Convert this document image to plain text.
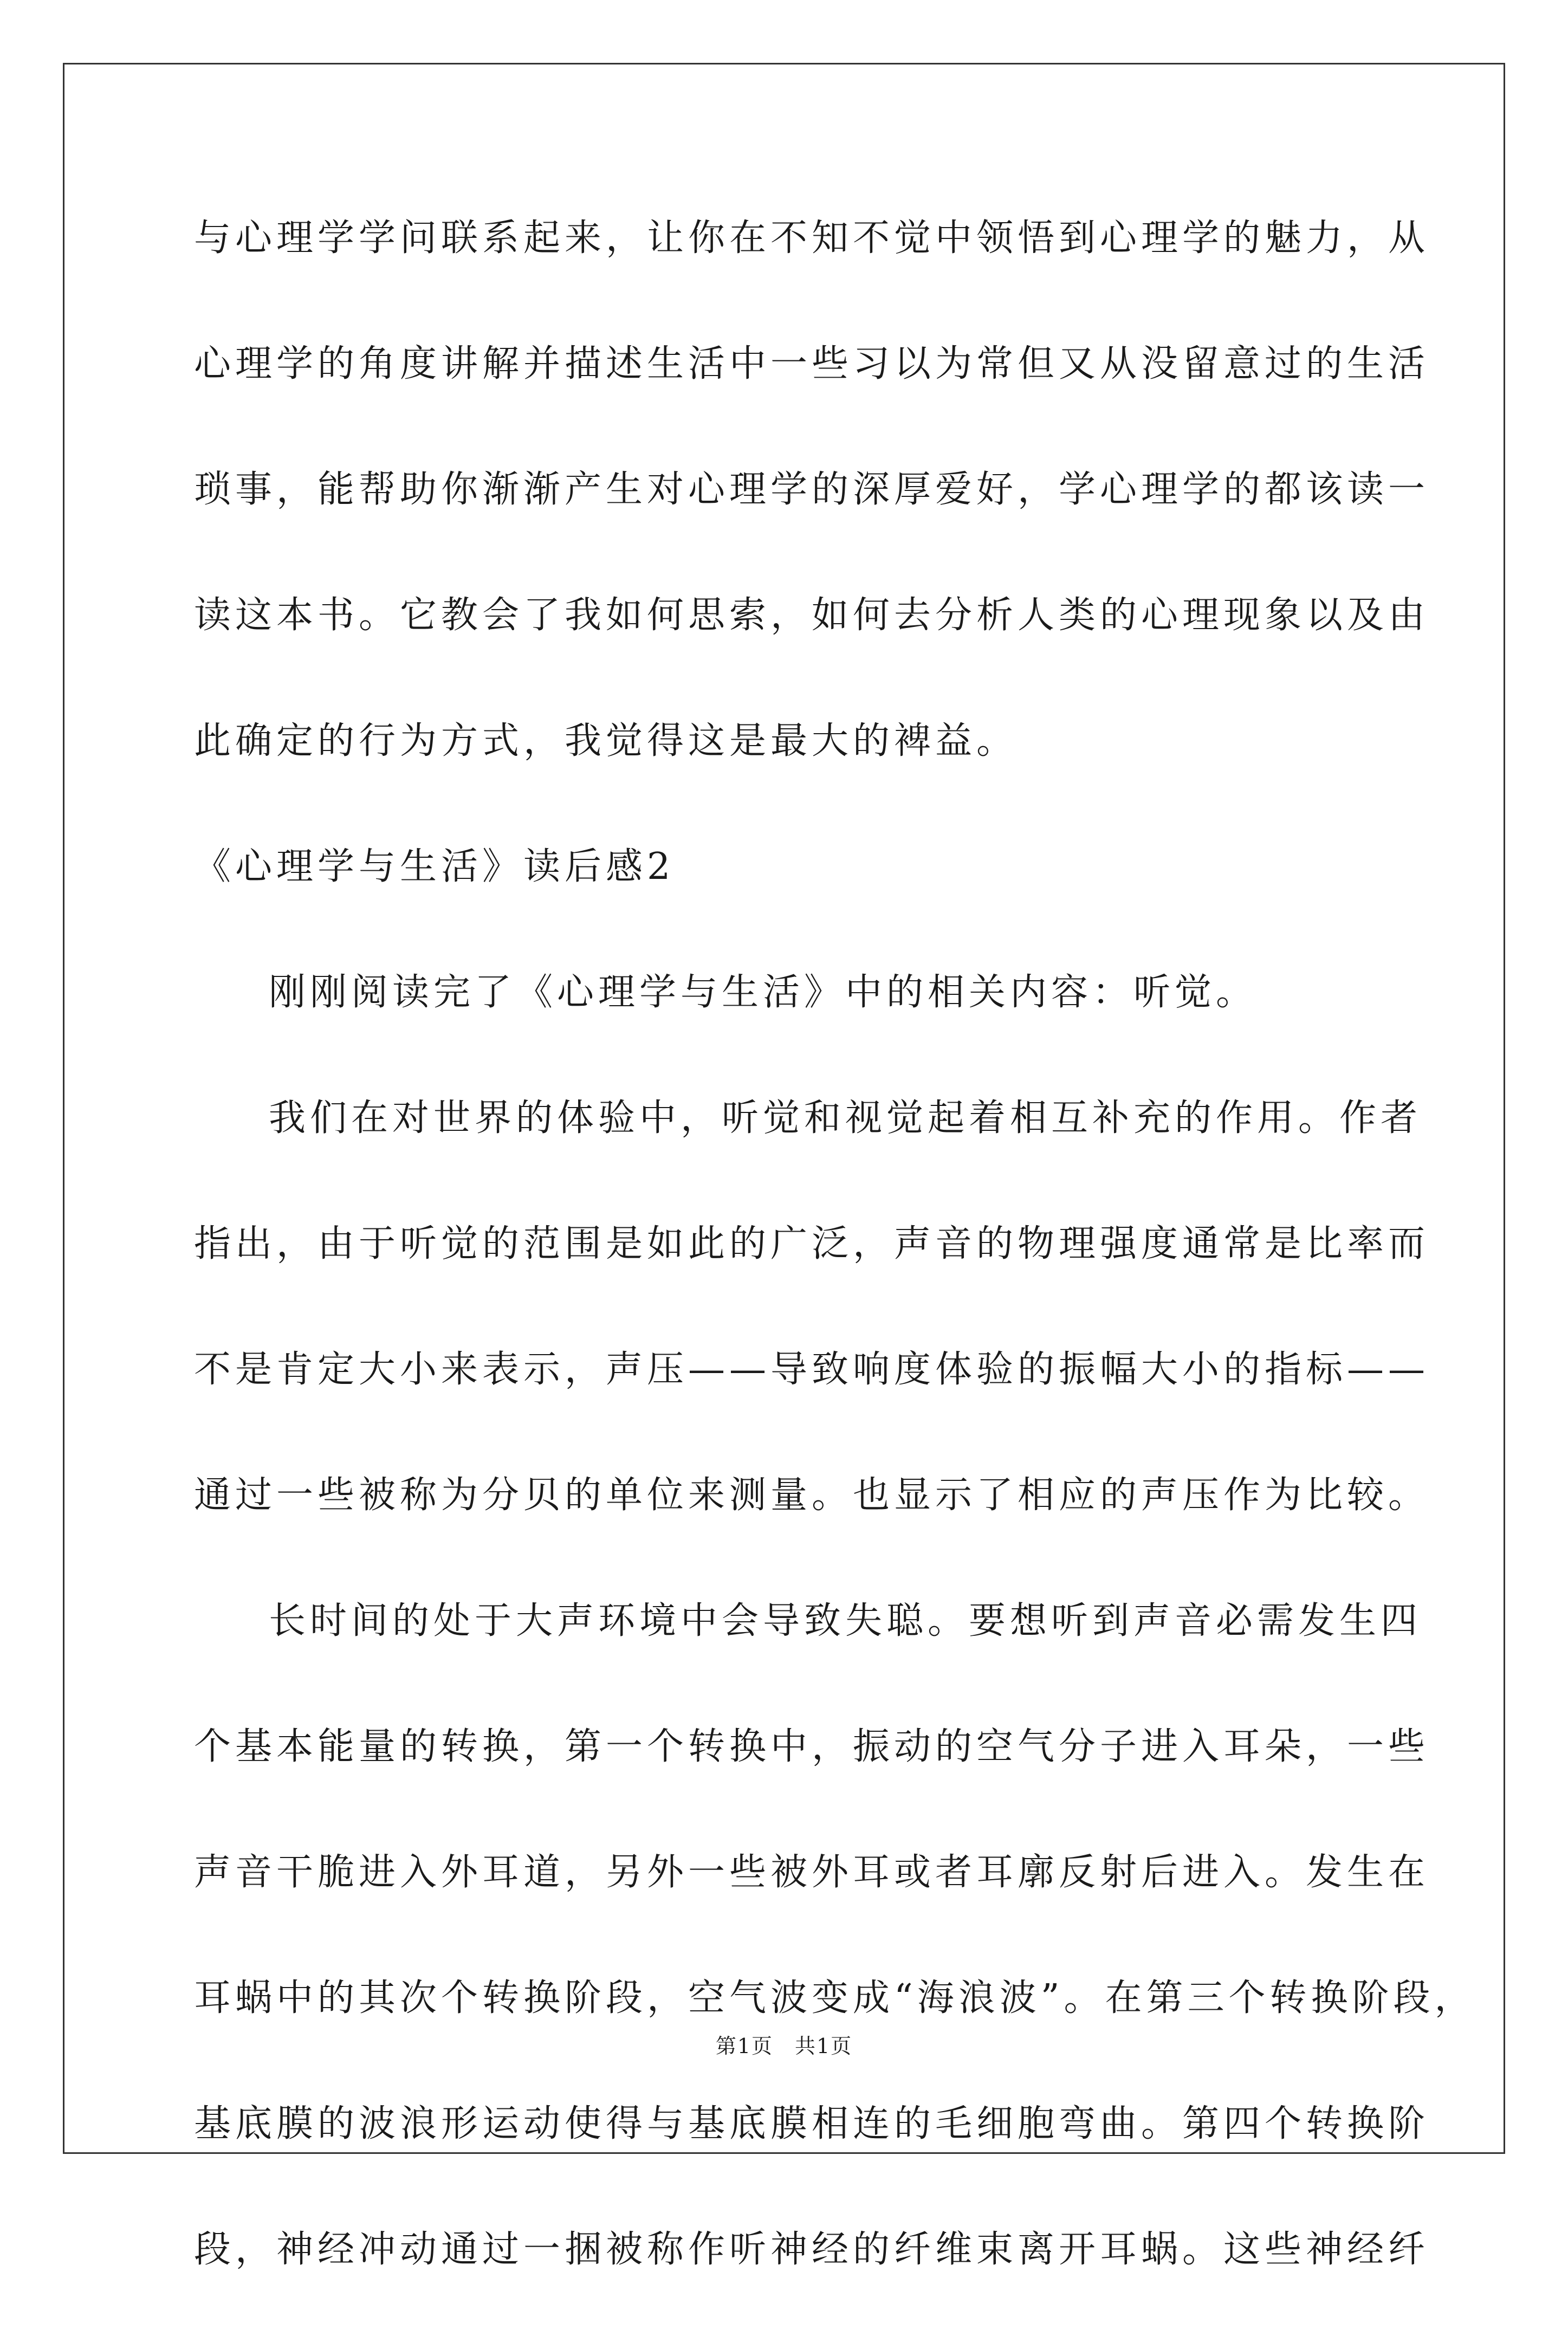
与心理学学问联系起来，让你在不知不觉中领悟到心理学的魅力，从
心理学的角度讲解并描述生活中一些习以为常但又从没留意过的生活
琐事，能帮助你渐渐产生对心理学的深厚爱好，学心理学的都该读一
读这本书。它教会了我如何思索，如何去分析人类的心理现象以及由
此确定的行为方式，我觉得这是最大的裨益。
《心理学与生活》读后感2
刚刚阅读完了《心理学与生活》中的相关内容：听觉。
我们在对世界的体验中，听觉和视觉起着相互补充的作用。作者
指出，由于听觉的范围是如此的广泛，声音的物理强度通常是比率而
不是肯定大小来表示，声压——导致响度体验的振幅大小的指标——
通过一些被称为分贝的单位来测量。也显示了相应的声压作为比较。
长时间的处于大声环境中会导致失聪。要想听到声音必需发生四
个基本能量的转换，第一个转换中，振动的空气分子进入耳朵，一些
声音干脆进入外耳道，另外一些被外耳或者耳廓反射后进入。发生在
耳蜗中的其次个转换阶段，空气波变成“海浪波”。在第三个转换阶段，
基底膜的波浪形运动使得与基底膜相连的毛细胞弯曲。第四个转换阶
段，神经冲动通过一捆被称作听神经的纤维束离开耳蜗。这些神经纤
第1页　共1页
